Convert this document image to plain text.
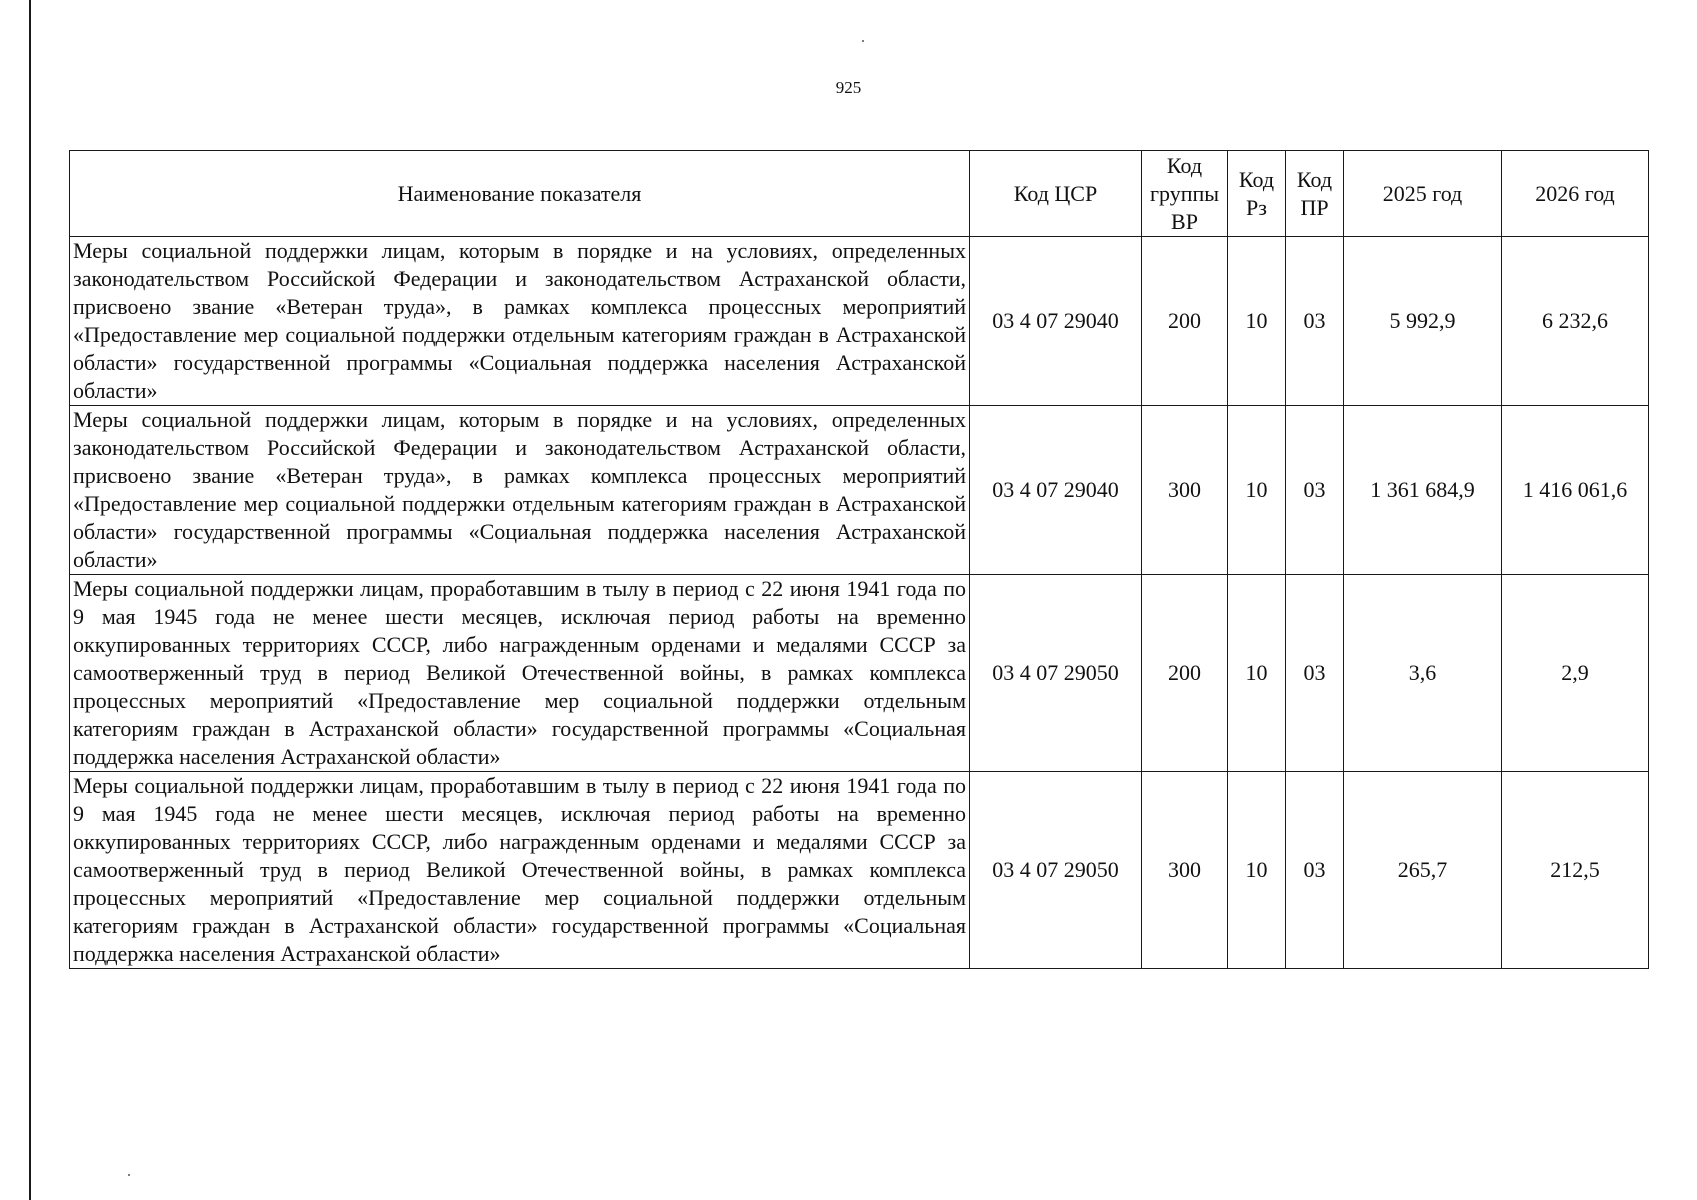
925
Наименование показателя	Код ЦСР	Код группы ВР	Код Рз	Код ПР	2025 год	2026 год
Меры социальной поддержки лицам, которым в порядке и на условиях, определенных законодательством Российской Федерации и законодательством Астраханской области, присвоено звание «Ветеран труда», в рамках комплекса процессных мероприятий «Предоставление мер социальной поддержки отдельным категориям граждан в Астраханской области» государственной программы «Социальная поддержка населения Астраханской области»	03 4 07 29040	200	10	03	5 992,9	6 232,6
Меры социальной поддержки лицам, которым в порядке и на условиях, определенных законодательством Российской Федерации и законодательством Астраханской области, присвоено звание «Ветеран труда», в рамках комплекса процессных мероприятий «Предоставление мер социальной поддержки отдельным категориям граждан в Астраханской области» государственной программы «Социальная поддержка населения Астраханской области»	03 4 07 29040	300	10	03	1 361 684,9	1 416 061,6
Меры социальной поддержки лицам, проработавшим в тылу в период с 22 июня 1941 года по 9 мая 1945 года не менее шести месяцев, исключая период работы на временно оккупированных территориях СССР, либо награжденным орденами и медалями СССР за самоотверженный труд в период Великой Отечественной войны, в рамках комплекса процессных мероприятий «Предоставление мер социальной поддержки отдельным категориям граждан в Астраханской области» государственной программы «Социальная поддержка населения Астраханской области»	03 4 07 29050	200	10	03	3,6	2,9
Меры социальной поддержки лицам, проработавшим в тылу в период с 22 июня 1941 года по 9 мая 1945 года не менее шести месяцев, исключая период работы на временно оккупированных территориях СССР, либо награжденным орденами и медалями СССР за самоотверженный труд в период Великой Отечественной войны, в рамках комплекса процессных мероприятий «Предоставление мер социальной поддержки отдельным категориям граждан в Астраханской области» государственной программы «Социальная поддержка населения Астраханской области»	03 4 07 29050	300	10	03	265,7	212,5
